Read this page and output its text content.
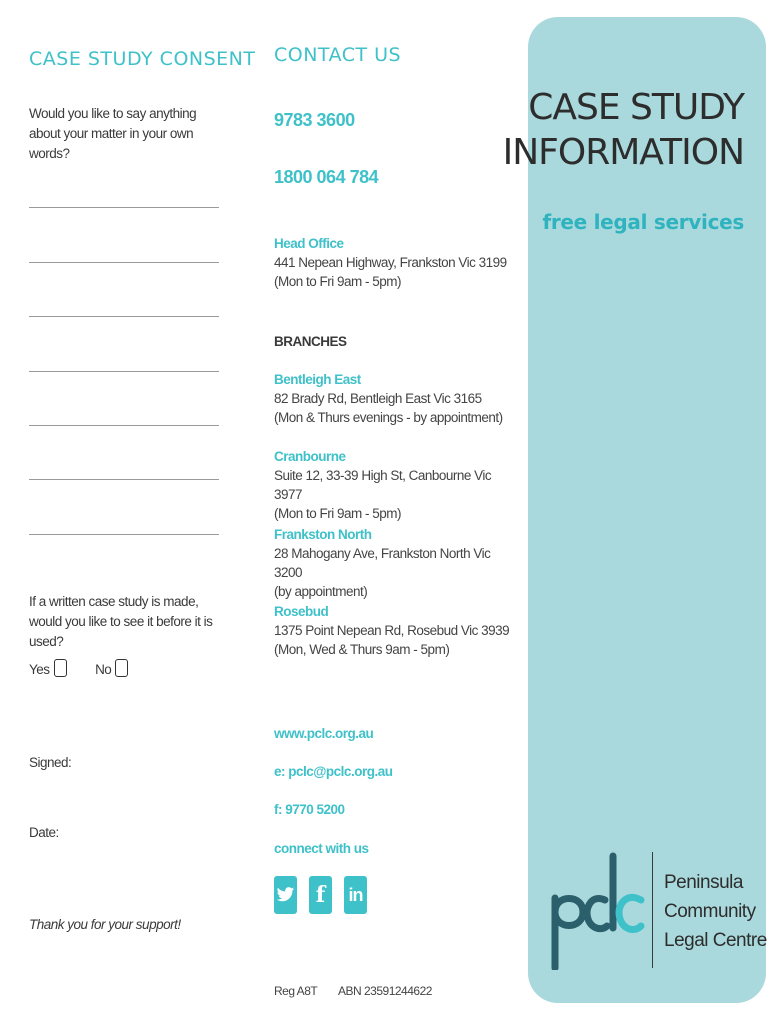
CASE STUDY CONSENT
Would you like to say anything about your matter in your own words?
If a written case study is made, would you like to see it before it is used?
Yes	No
Signed:
Date:
Thank you for your support!
CONTACT US
9783 3600
1800 064 784
Head Office
441 Nepean Highway, Frankston Vic 3199
(Mon to Fri 9am - 5pm)
BRANCHES
Bentleigh East
82 Brady Rd, Bentleigh East Vic 3165
(Mon & Thurs evenings - by appointment)
Cranbourne
Suite 12, 33-39 High St, Canbourne Vic 3977
(Mon to Fri 9am - 5pm)
Frankston North
28 Mahogany Ave, Frankston North Vic 3200
(by appointment)
Rosebud
1375 Point Nepean Rd, Rosebud Vic 3939
(Mon, Wed & Thurs 9am - 5pm)
www.pclc.org.au
e: pclc@pclc.org.au
f: 9770 5200
connect with us
f in
Reg A8T ABN 23591244622
CASE STUDY
INFORMATION
free legal services
Peninsula
Community
Legal Centre
